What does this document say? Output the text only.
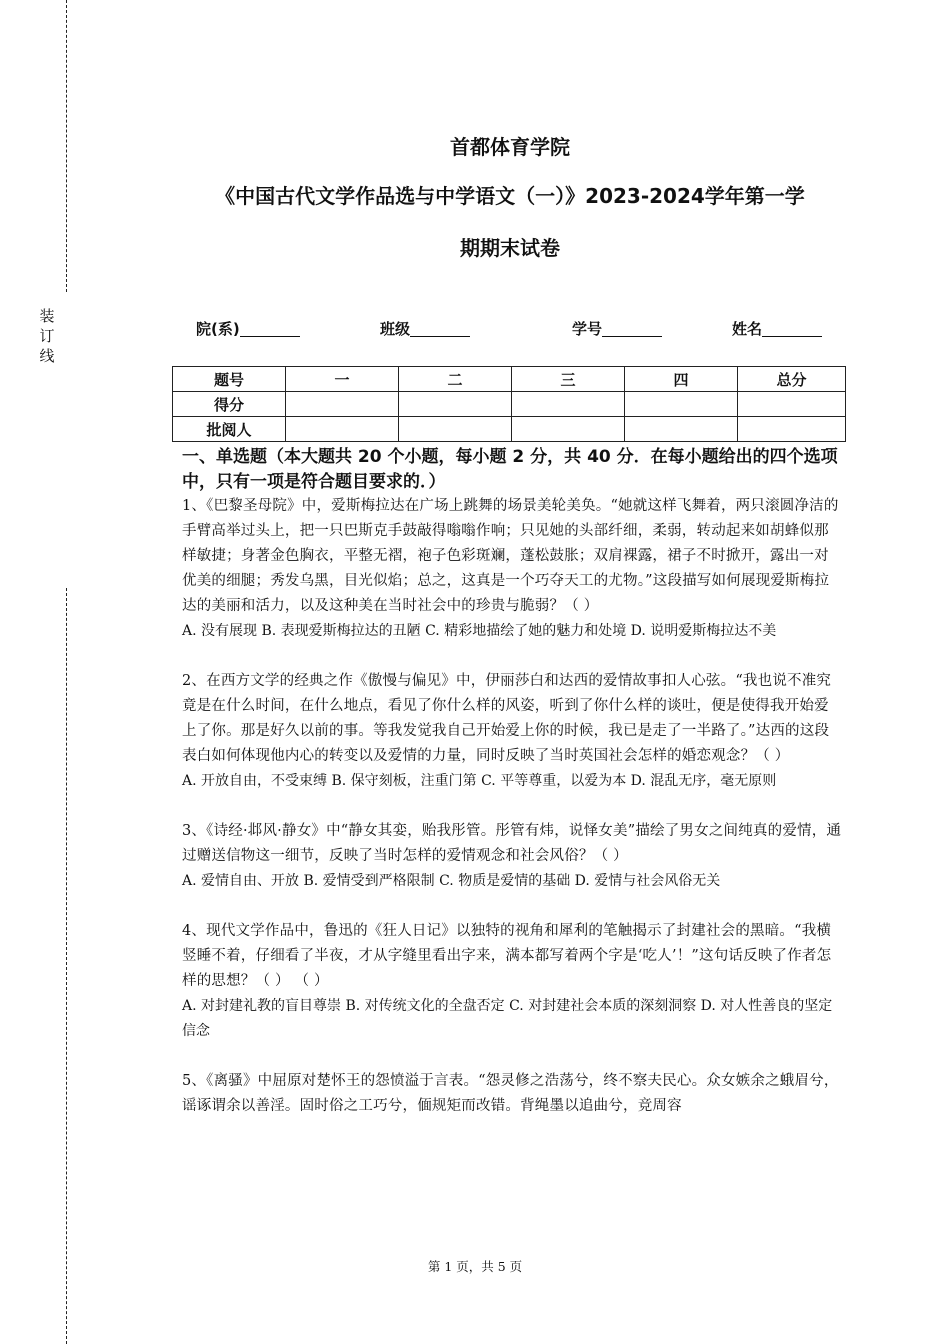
装
订
线
首都体育学院
《中国古代文学作品选与中学语文（一）》2023-2024学年第一学
期期末试卷
院(系)	班级	学号	姓名
题号	一	二	三	四	总分
得分					
批阅人					
一、单选题（本大题共 20 个小题，每小题 2 分，共 40 分．在每小题给出的四个选项中，只有一项是符合题目要求的．）

1、《巴黎圣母院》中，爱斯梅拉达在广场上跳舞的场景美轮美奂。“她就这样飞舞着，两只滚圆净洁的手臂高举过头上，把一只巴斯克手鼓敲得嗡嗡作响；只见她的头部纤细，柔弱，转动起来如胡蜂似那样敏捷；身著金色胸衣，平整无褶，袍子色彩斑斓，蓬松鼓胀；双肩裸露，裙子不时掀开，露出一对优美的细腿；秀发乌黑，目光似焰；总之，这真是一个巧夺天工的尤物。”这段描写如何展现爱斯梅拉达的美丽和活力，以及这种美在当时社会中的珍贵与脆弱？（ ）

A. 没有展现 B. 表现爱斯梅拉达的丑陋 C. 精彩地描绘了她的魅力和处境 D. 说明爱斯梅拉达不美

2、在西方文学的经典之作《傲慢与偏见》中，伊丽莎白和达西的爱情故事扣人心弦。“我也说不准究竟是在什么时间，在什么地点，看见了你什么样的风姿，听到了你什么样的谈吐，便是使得我开始爱上了你。那是好久以前的事。等我发觉我自己开始爱上你的时候，我已是走了一半路了。”达西的这段表白如何体现他内心的转变以及爱情的力量，同时反映了当时英国社会怎样的婚恋观念？（ ）

A. 开放自由，不受束缚 B. 保守刻板，注重门第 C. 平等尊重，以爱为本 D. 混乱无序，毫无原则

3、《诗经·邶风·静女》中“静女其娈，贻我彤管。彤管有炜，说怿女美”描绘了男女之间纯真的爱情，通过赠送信物这一细节，反映了当时怎样的爱情观念和社会风俗？（ ）

A. 爱情自由、开放 B. 爱情受到严格限制 C. 物质是爱情的基础 D. 爱情与社会风俗无关

4、现代文学作品中，鲁迅的《狂人日记》以独特的视角和犀利的笔触揭示了封建社会的黑暗。“我横竖睡不着，仔细看了半夜，才从字缝里看出字来，满本都写着两个字是‘吃人’！”这句话反映了作者怎样的思想？（ ） （ ）

A. 对封建礼教的盲目尊崇 B. 对传统文化的全盘否定 C. 对封建社会本质的深刻洞察 D. 对人性善良的坚定信念

5、《离骚》中屈原对楚怀王的怨愤溢于言表。“怨灵修之浩荡兮，终不察夫民心。众女嫉余之蛾眉兮，谣诼谓余以善淫。固时俗之工巧兮，偭规矩而改错。背绳墨以追曲兮，竞周容

第 1 页，共 5 页
